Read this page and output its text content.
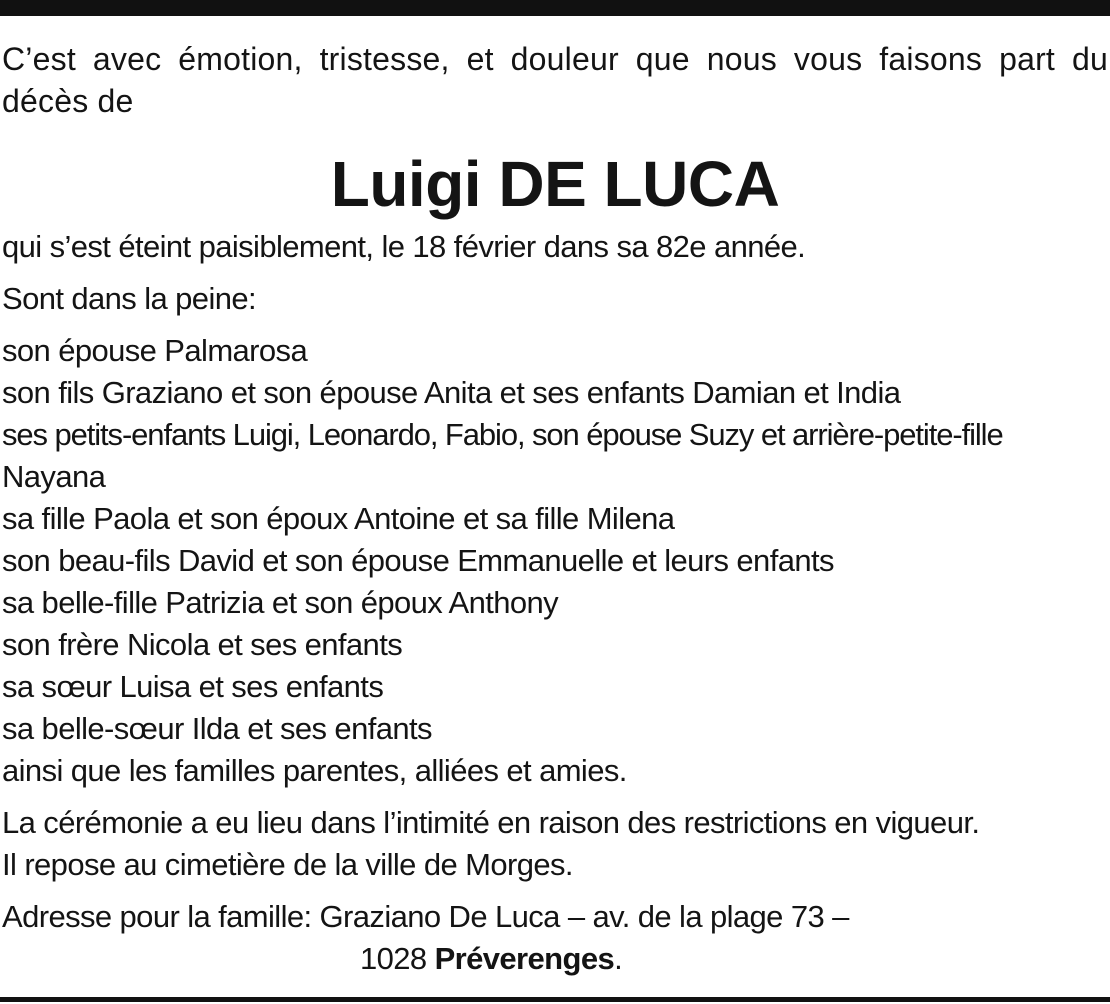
C’est avec émotion, tristesse, et douleur que nous vous faisons part du décès de
Luigi DE LUCA
qui s’est éteint paisiblement, le 18 février dans sa 82e année.
Sont dans la peine:
son épouse Palmarosa
son fils Graziano et son épouse Anita et ses enfants Damian et India
ses petits-enfants Luigi, Leonardo, Fabio, son épouse Suzy et arrière-petite-fille
Nayana
sa fille Paola et son époux Antoine et sa fille Milena
son beau-fils David et son épouse Emmanuelle et leurs enfants
sa belle-fille Patrizia et son époux Anthony
son frère Nicola et ses enfants
sa sœur Luisa et ses enfants
sa belle-sœur Ilda et ses enfants
ainsi que les familles parentes, alliées et amies.
La cérémonie a eu lieu dans l’intimité en raison des restrictions en vigueur.
Il repose au cimetière de la ville de Morges.
Adresse pour la famille: Graziano De Luca – av. de la plage 73 –
1028 Préverenges.
